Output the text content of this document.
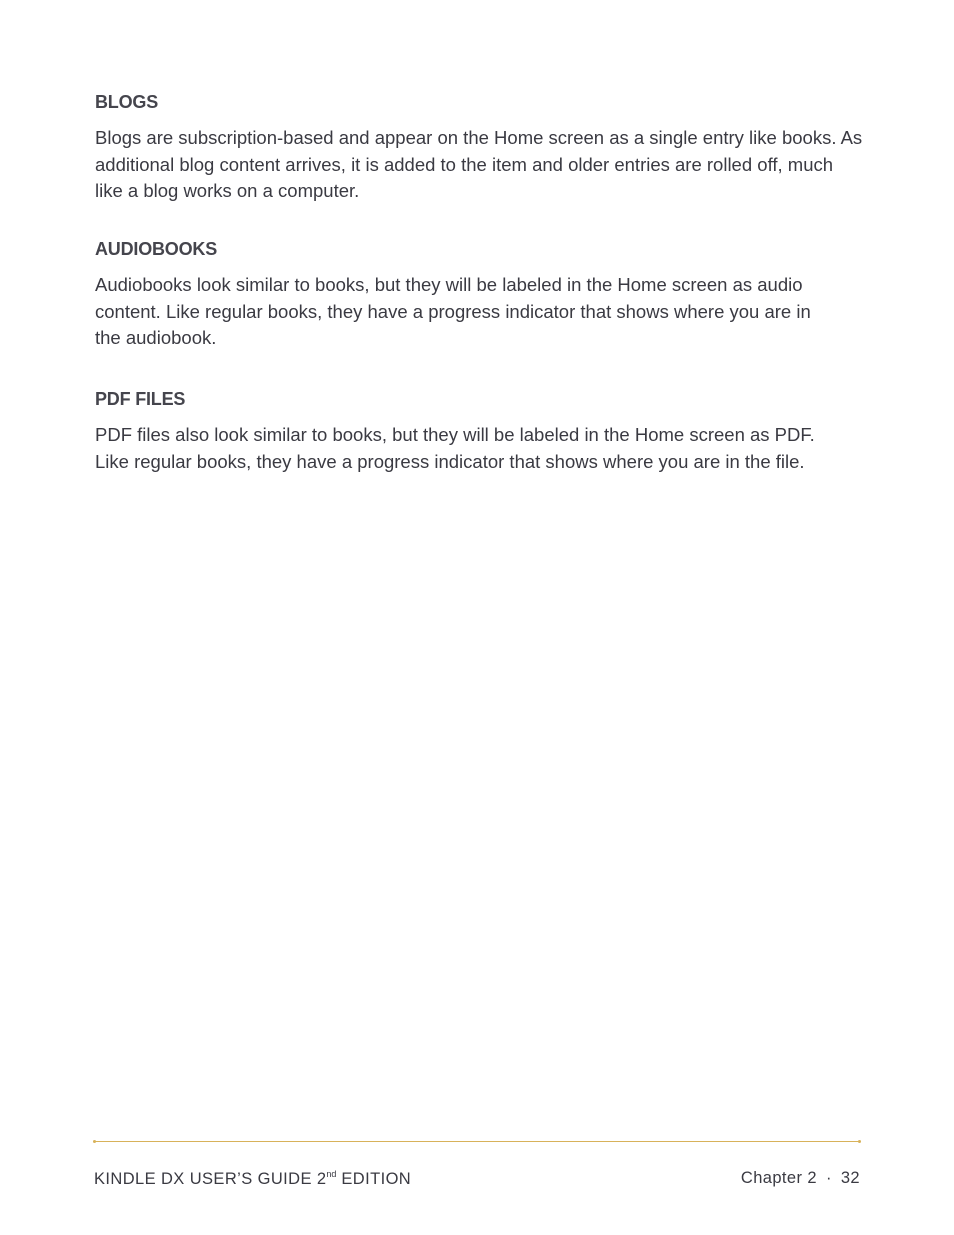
BLOGS

Blogs are subscription-based and appear on the Home screen as a single entry like books. As additional blog content arrives, it is added to the item and older entries are rolled off, much like a blog works on a computer.

AUDIOBOOKS

Audiobooks look similar to books, but they will be labeled in the Home screen as audio content. Like regular books, they have a progress indicator that shows where you are in the audiobook.

PDF FILES

PDF files also look similar to books, but they will be labeled in the Home screen as PDF. Like regular books, they have a progress indicator that shows where you are in the file.

KINDLE DX USER’S GUIDE 2nd EDITION	Chapter 2 · 32
